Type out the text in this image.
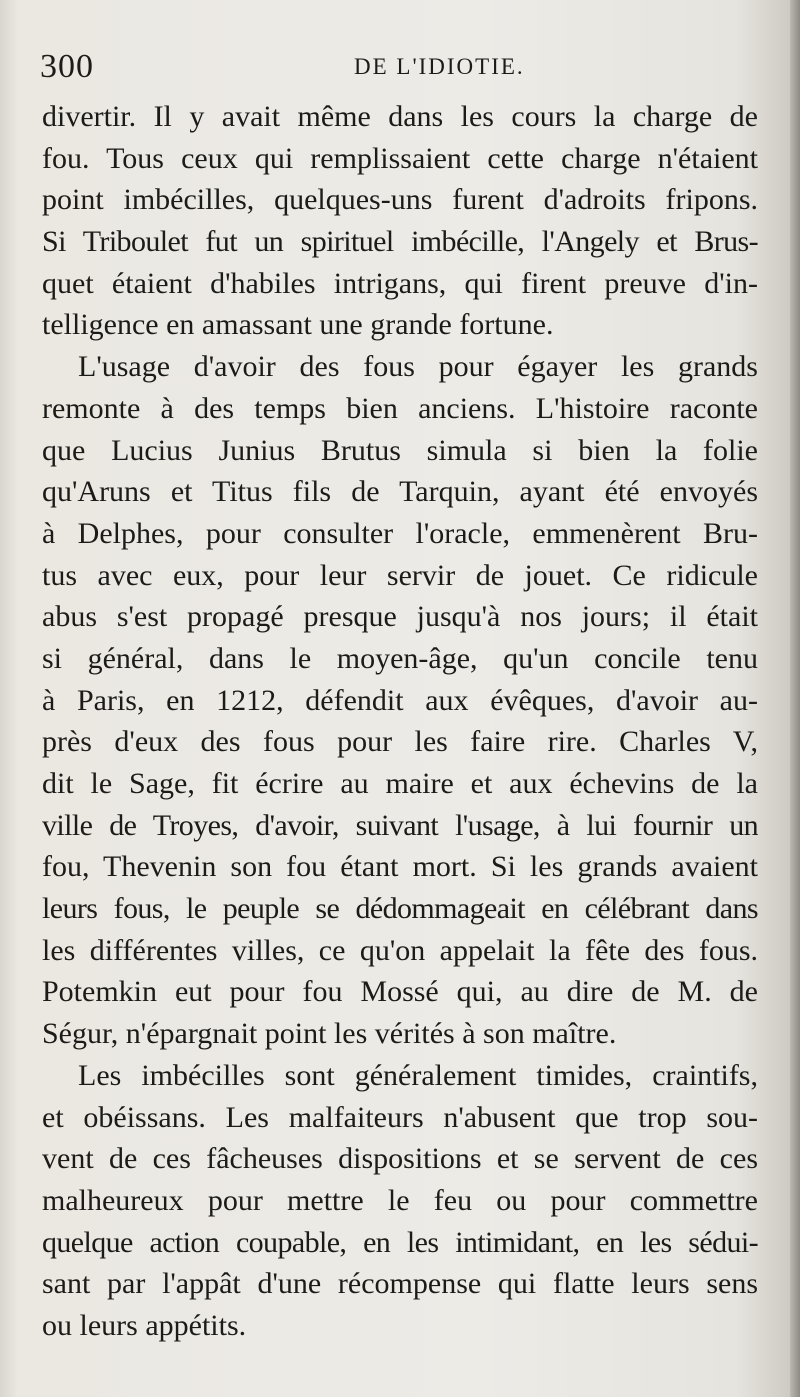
300	DE L'IDIOTIE.
divertir. Il y avait même dans les cours la charge de
fou. Tous ceux qui remplissaient cette charge n'étaient
point imbécilles, quelques-uns furent d'adroits fripons.
Si Triboulet fut un spirituel imbécille, l'Angely et Brus-
quet étaient d'habiles intrigans, qui firent preuve d'in-
telligence en amassant une grande fortune.
L'usage d'avoir des fous pour égayer les grands
remonte à des temps bien anciens. L'histoire raconte
que Lucius Junius Brutus simula si bien la folie
qu'Aruns et Titus fils de Tarquin, ayant été envoyés
à Delphes, pour consulter l'oracle, emmenèrent Bru-
tus avec eux, pour leur servir de jouet. Ce ridicule
abus s'est propagé presque jusqu'à nos jours; il était
si général, dans le moyen-âge, qu'un concile tenu
à Paris, en 1212, défendit aux évêques, d'avoir au-
près d'eux des fous pour les faire rire. Charles V,
dit le Sage, fit écrire au maire et aux échevins de la
ville de Troyes, d'avoir, suivant l'usage, à lui fournir un
fou, Thevenin son fou étant mort. Si les grands avaient
leurs fous, le peuple se dédommageait en célébrant dans
les différentes villes, ce qu'on appelait la fête des fous.
Potemkin eut pour fou Mossé qui, au dire de M. de
Ségur, n'épargnait point les vérités à son maître.
Les imbécilles sont généralement timides, craintifs,
et obéissans. Les malfaiteurs n'abusent que trop sou-
vent de ces fâcheuses dispositions et se servent de ces
malheureux pour mettre le feu ou pour commettre
quelque action coupable, en les intimidant, en les sédui-
sant par l'appât d'une récompense qui flatte leurs sens
ou leurs appétits.
